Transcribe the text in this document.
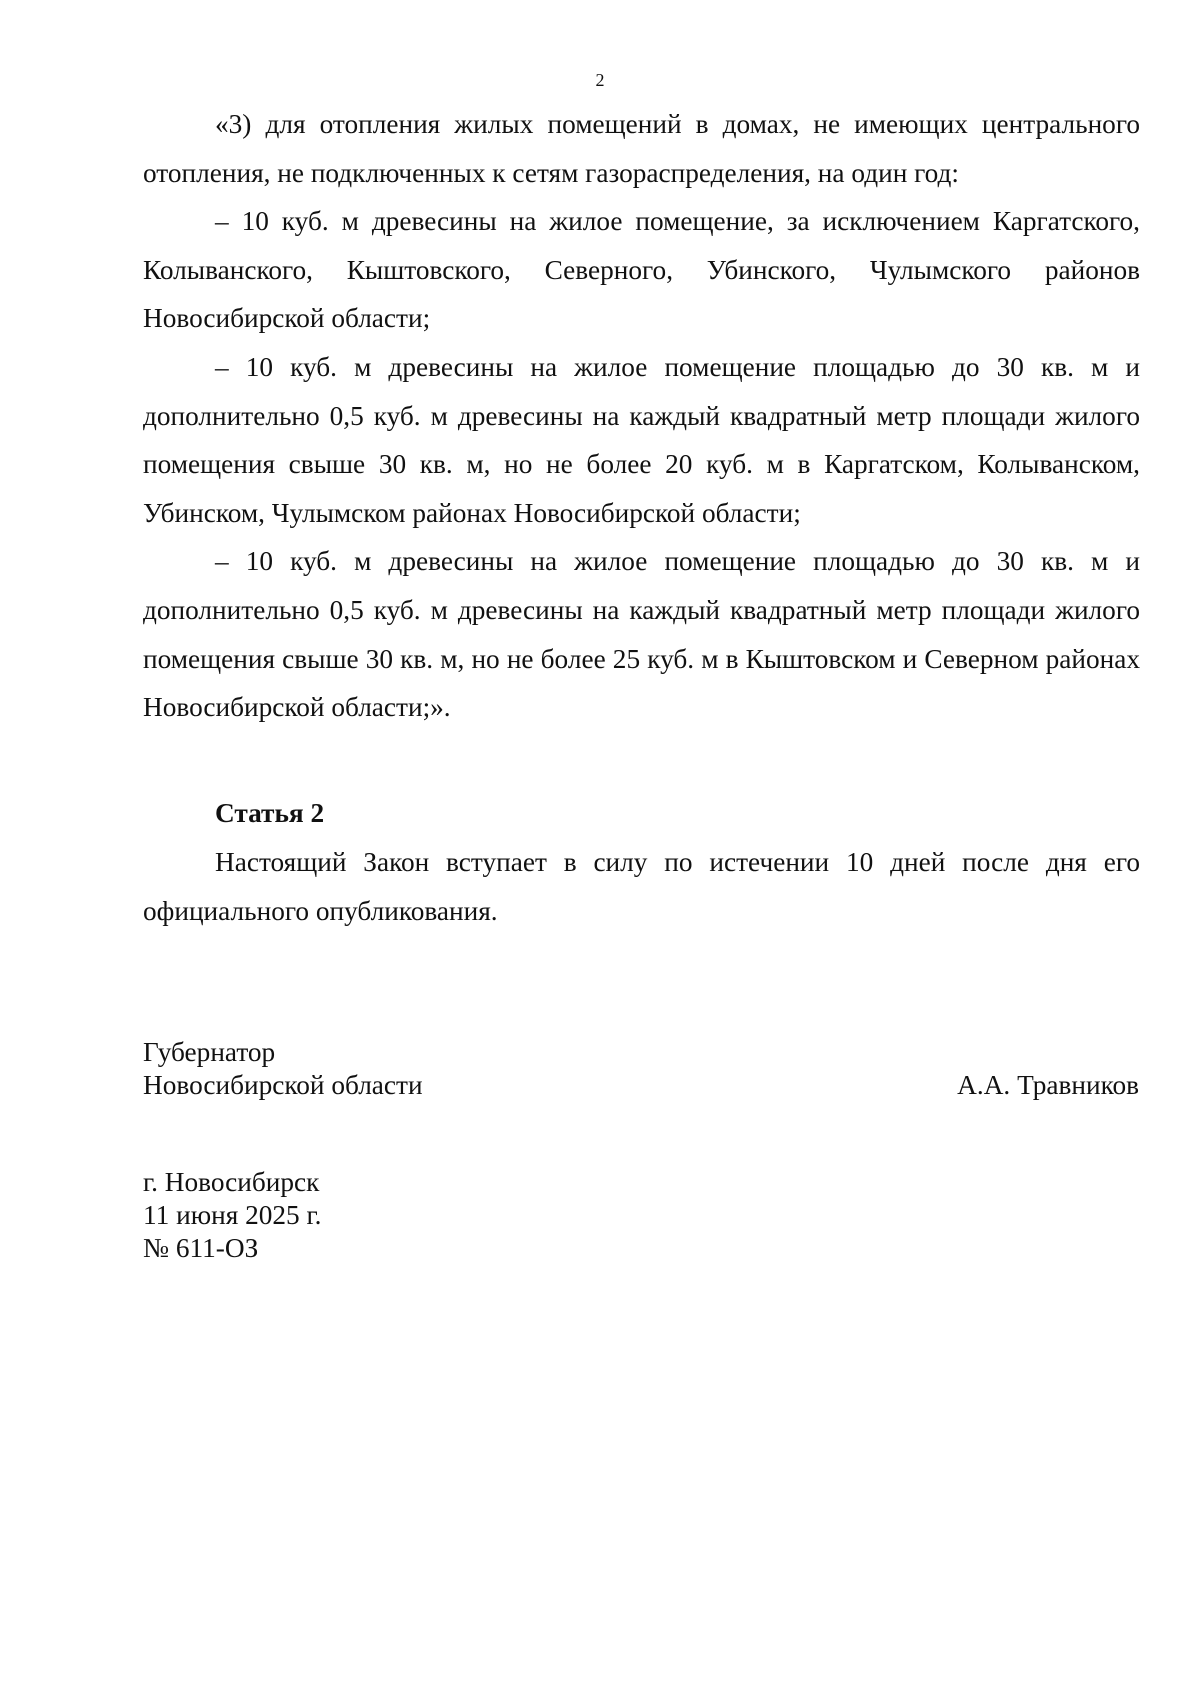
2

«3) для отопления жилых помещений в домах, не имеющих центрального отопления, не подключенных к сетям газораспределения, на один год:

– 10 куб. м древесины на жилое помещение, за исключением Каргатского, Колыванского, Кыштовского, Северного, Убинского, Чулымского районов Новосибирской области;

– 10 куб. м древесины на жилое помещение площадью до 30 кв. м и дополнительно 0,5 куб. м древесины на каждый квадратный метр площади жилого помещения свыше 30 кв. м, но не более 20 куб. м в Каргатском, Колыванском, Убинском, Чулымском районах Новосибирской области;

– 10 куб. м древесины на жилое помещение площадью до 30 кв. м и дополнительно 0,5 куб. м древесины на каждый квадратный метр площади жилого помещения свыше 30 кв. м, но не более 25 куб. м в Кыштовском и Северном районах Новосибирской области;».

Статья 2

Настоящий Закон вступает в силу по истечении 10 дней после дня его официального опубликования.

Губернатор
Новосибирской области	А.А. Травников
г. Новосибирск
11 июня 2025 г.
№ 611-ОЗ
